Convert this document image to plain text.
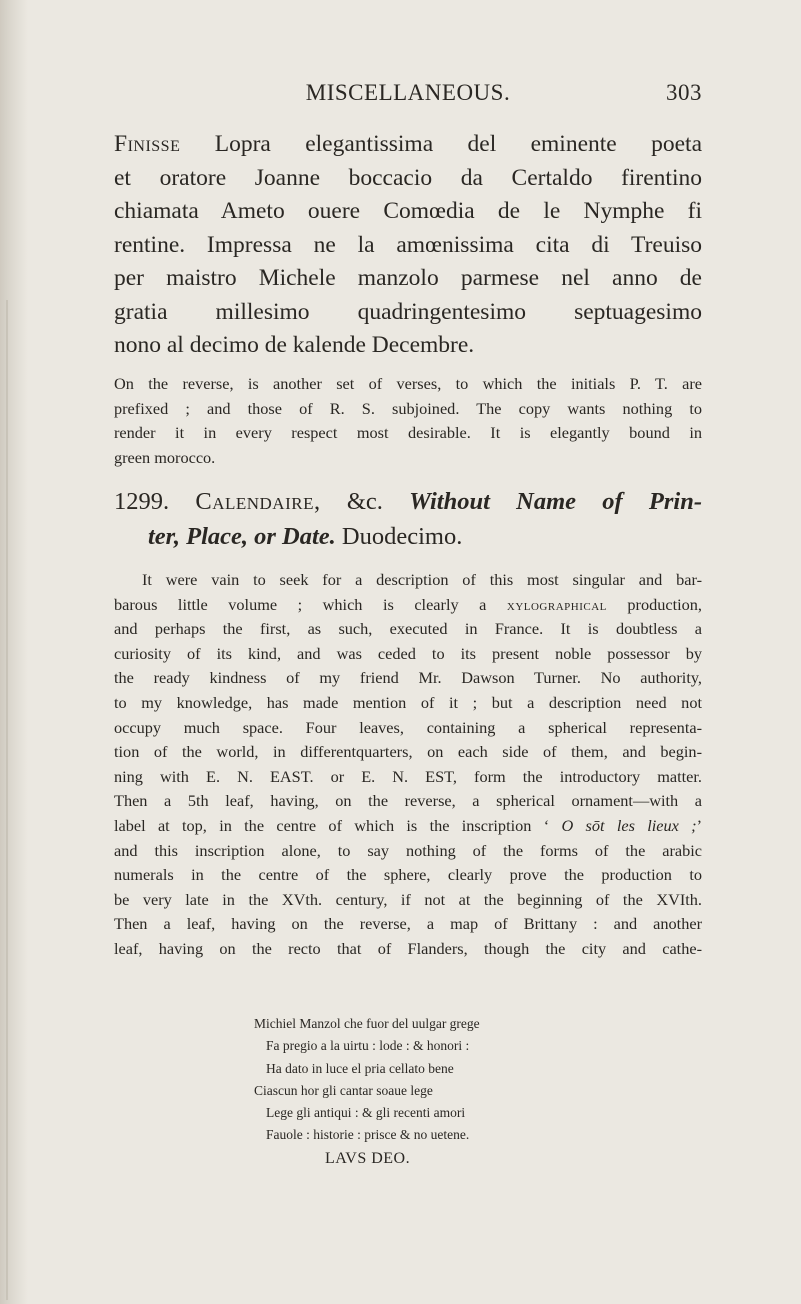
MISCELLANEOUS.	303
Finisse Lopra elegantissima del eminente poeta
et oratore Joanne boccacio da Certaldo firentino
chiamata Ameto ouere Comœdia de le Nymphe fi
rentine. Impressa ne la amœnissima cita di Treuiso
per maistro Michele manzolo parmese nel anno de
gratia millesimo quadringentesimo septuagesimo
nono al decimo de kalende Decembre.
On the reverse, is another set of verses, to which the initials P. T. are
prefixed ; and those of R. S. subjoined. The copy wants nothing to
render it in every respect most desirable. It is elegantly bound in
green morocco.
1299. Calendaire, &c. Without Name of Prin-
ter, Place, or Date. Duodecimo.
It were vain to seek for a description of this most singular and bar-
barous little volume ; which is clearly a xylographical production,
and perhaps the first, as such, executed in France. It is doubtless a
curiosity of its kind, and was ceded to its present noble possessor by
the ready kindness of my friend Mr. Dawson Turner. No authority,
to my knowledge, has made mention of it ; but a description need not
occupy much space. Four leaves, containing a spherical representa-
tion of the world, in differentquarters, on each side of them, and begin-
ning with E. N. EAST. or E. N. EST, form the introductory matter.
Then a 5th leaf, having, on the reverse, a spherical ornament—with a
label at top, in the centre of which is the inscription ‘ O sōt les lieux ;’
and this inscription alone, to say nothing of the forms of the arabic
numerals in the centre of the sphere, clearly prove the production to
be very late in the XVth. century, if not at the beginning of the XVIth.
Then a leaf, having on the reverse, a map of Brittany : and another
leaf, having on the recto that of Flanders, though the city and cathe-
Michiel Manzol che fuor del uulgar grege
Fa pregio a la uirtu : lode : & honori :
Ha dato in luce el pria cellato bene
Ciascun hor gli cantar soaue lege
Lege gli antiqui : & gli recenti amori
Fauole : historie : prisce & no uetene.
LAVS DEO.
